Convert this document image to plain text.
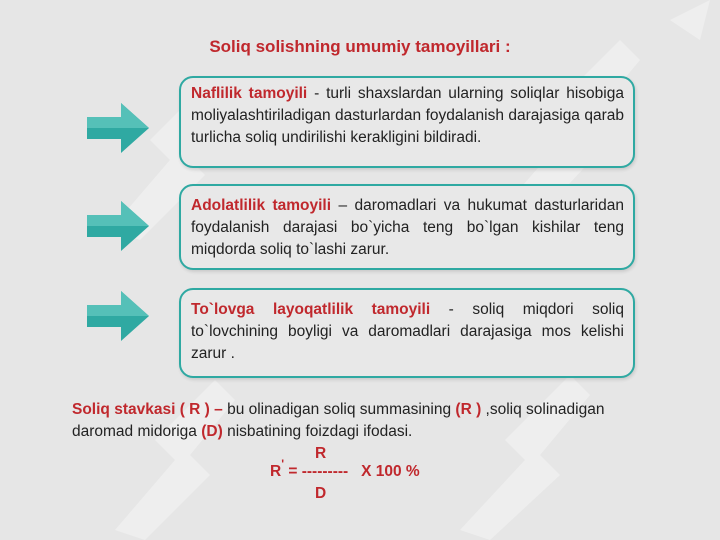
Soliq solishning umumiy tamoyillari :
Naflilik tamoyili - turli shaxslardan ularning soliqlar hisobiga moliyalashtiriladigan dasturlardan foydalanish darajasiga qarab turlicha soliq undirilishi kerakligini bildiradi.
Adolatlilik tamoyili – daromadlari va hukumat dasturlaridan foydalanish darajasi bo`yicha teng bo`lgan kishilar teng miqdorda soliq to`lashi zarur.
To`lovga layoqatlilik tamoyili - soliq miqdori soliq to`lovchining boyligi va daromadlari darajasiga mos kelishi zarur .
Soliq stavkasi ( R ) – bu olinadigan soliq summasining (R ) ,soliq solinadigan daromad midoriga (D) nisbatining foizdagi ifodasi.
R
R' = ---------   X 100 %
D
